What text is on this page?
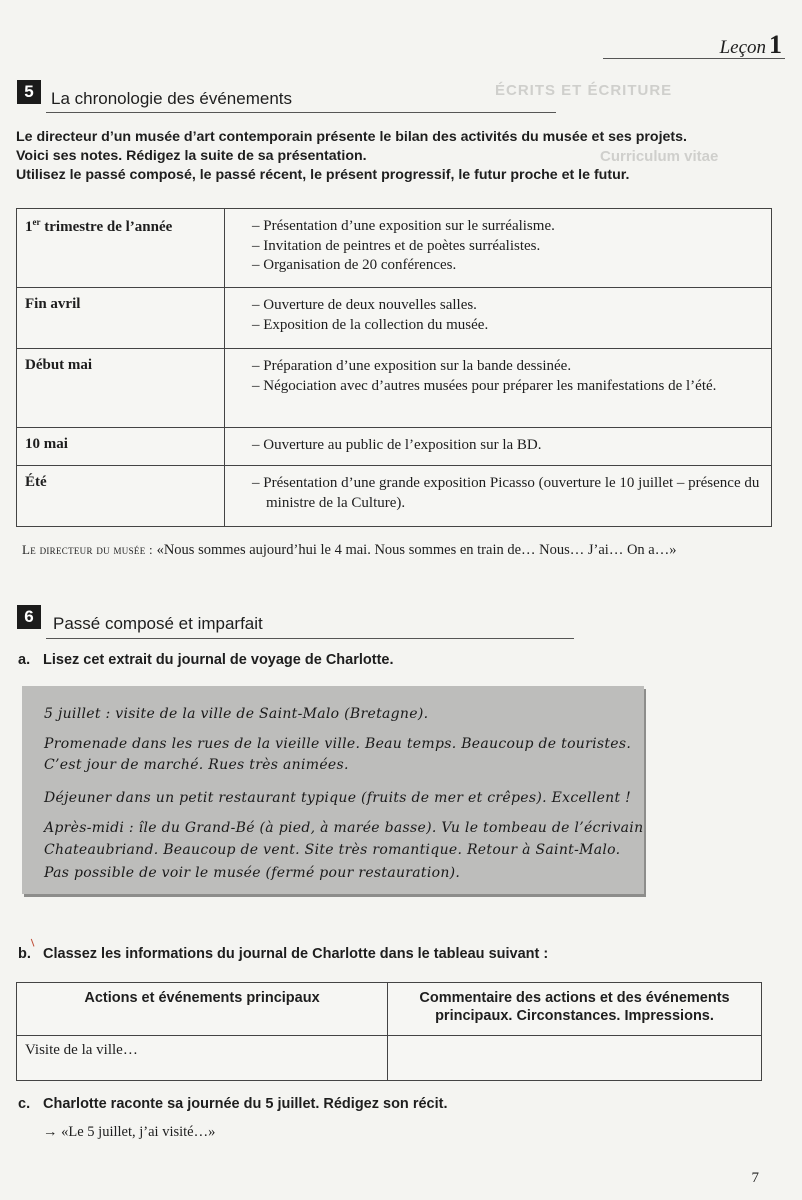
Leçon 1
ÉCRITS ET ÉCRITURE
Curriculum vitae
5	La chronologie des événements
Le directeur d’un musée d’art contemporain présente le bilan des activités du musée et ses projets.
Voici ses notes. Rédigez la suite de sa présentation.
Utilisez le passé composé, le passé récent, le présent progressif, le futur proche et le futur.
1er trimestre de l’année	– Présentation d’une exposition sur le surréalisme.
– Invitation de peintres et de poètes surréalistes.
– Organisation de 20 conférences.

Fin avril	– Ouverture de deux nouvelles salles.
– Exposition de la collection du musée.

Début mai	– Préparation d’une exposition sur la bande dessinée.
– Négociation avec d’autres musées pour préparer les manifestations de l’été.

10 mai	– Ouverture au public de l’exposition sur la BD.

Été	– Présentation d’une grande exposition Picasso (ouverture le 10 juillet – présence du ministre de la Culture).
Le directeur du musée : «Nous sommes aujourd’hui le 4 mai. Nous sommes en train de… Nous… J’ai… On a…»
6	Passé composé et imparfait
a. Lisez cet extrait du journal de voyage de Charlotte.
5 juillet : visite de la ville de Saint-Malo (Bretagne).
Promenade dans les rues de la vieille ville. Beau temps. Beaucoup de touristes.
C’est jour de marché. Rues très animées.
Déjeuner dans un petit restaurant typique (fruits de mer et crêpes). Excellent !
Après-midi : île du Grand-Bé (à pied, à marée basse). Vu le tombeau de l’écrivain
Chateaubriand. Beaucoup de vent. Site très romantique. Retour à Saint-Malo.
Pas possible de voir le musée (fermé pour restauration).
b. Classez les informations du journal de Charlotte dans le tableau suivant :
Actions et événements principaux	Commentaire des actions et des événements principaux. Circonstances. Impressions.
Visite de la ville…	
c. Charlotte raconte sa journée du 5 juillet. Rédigez son récit.
→ «Le 5 juillet, j’ai visité…»
7
